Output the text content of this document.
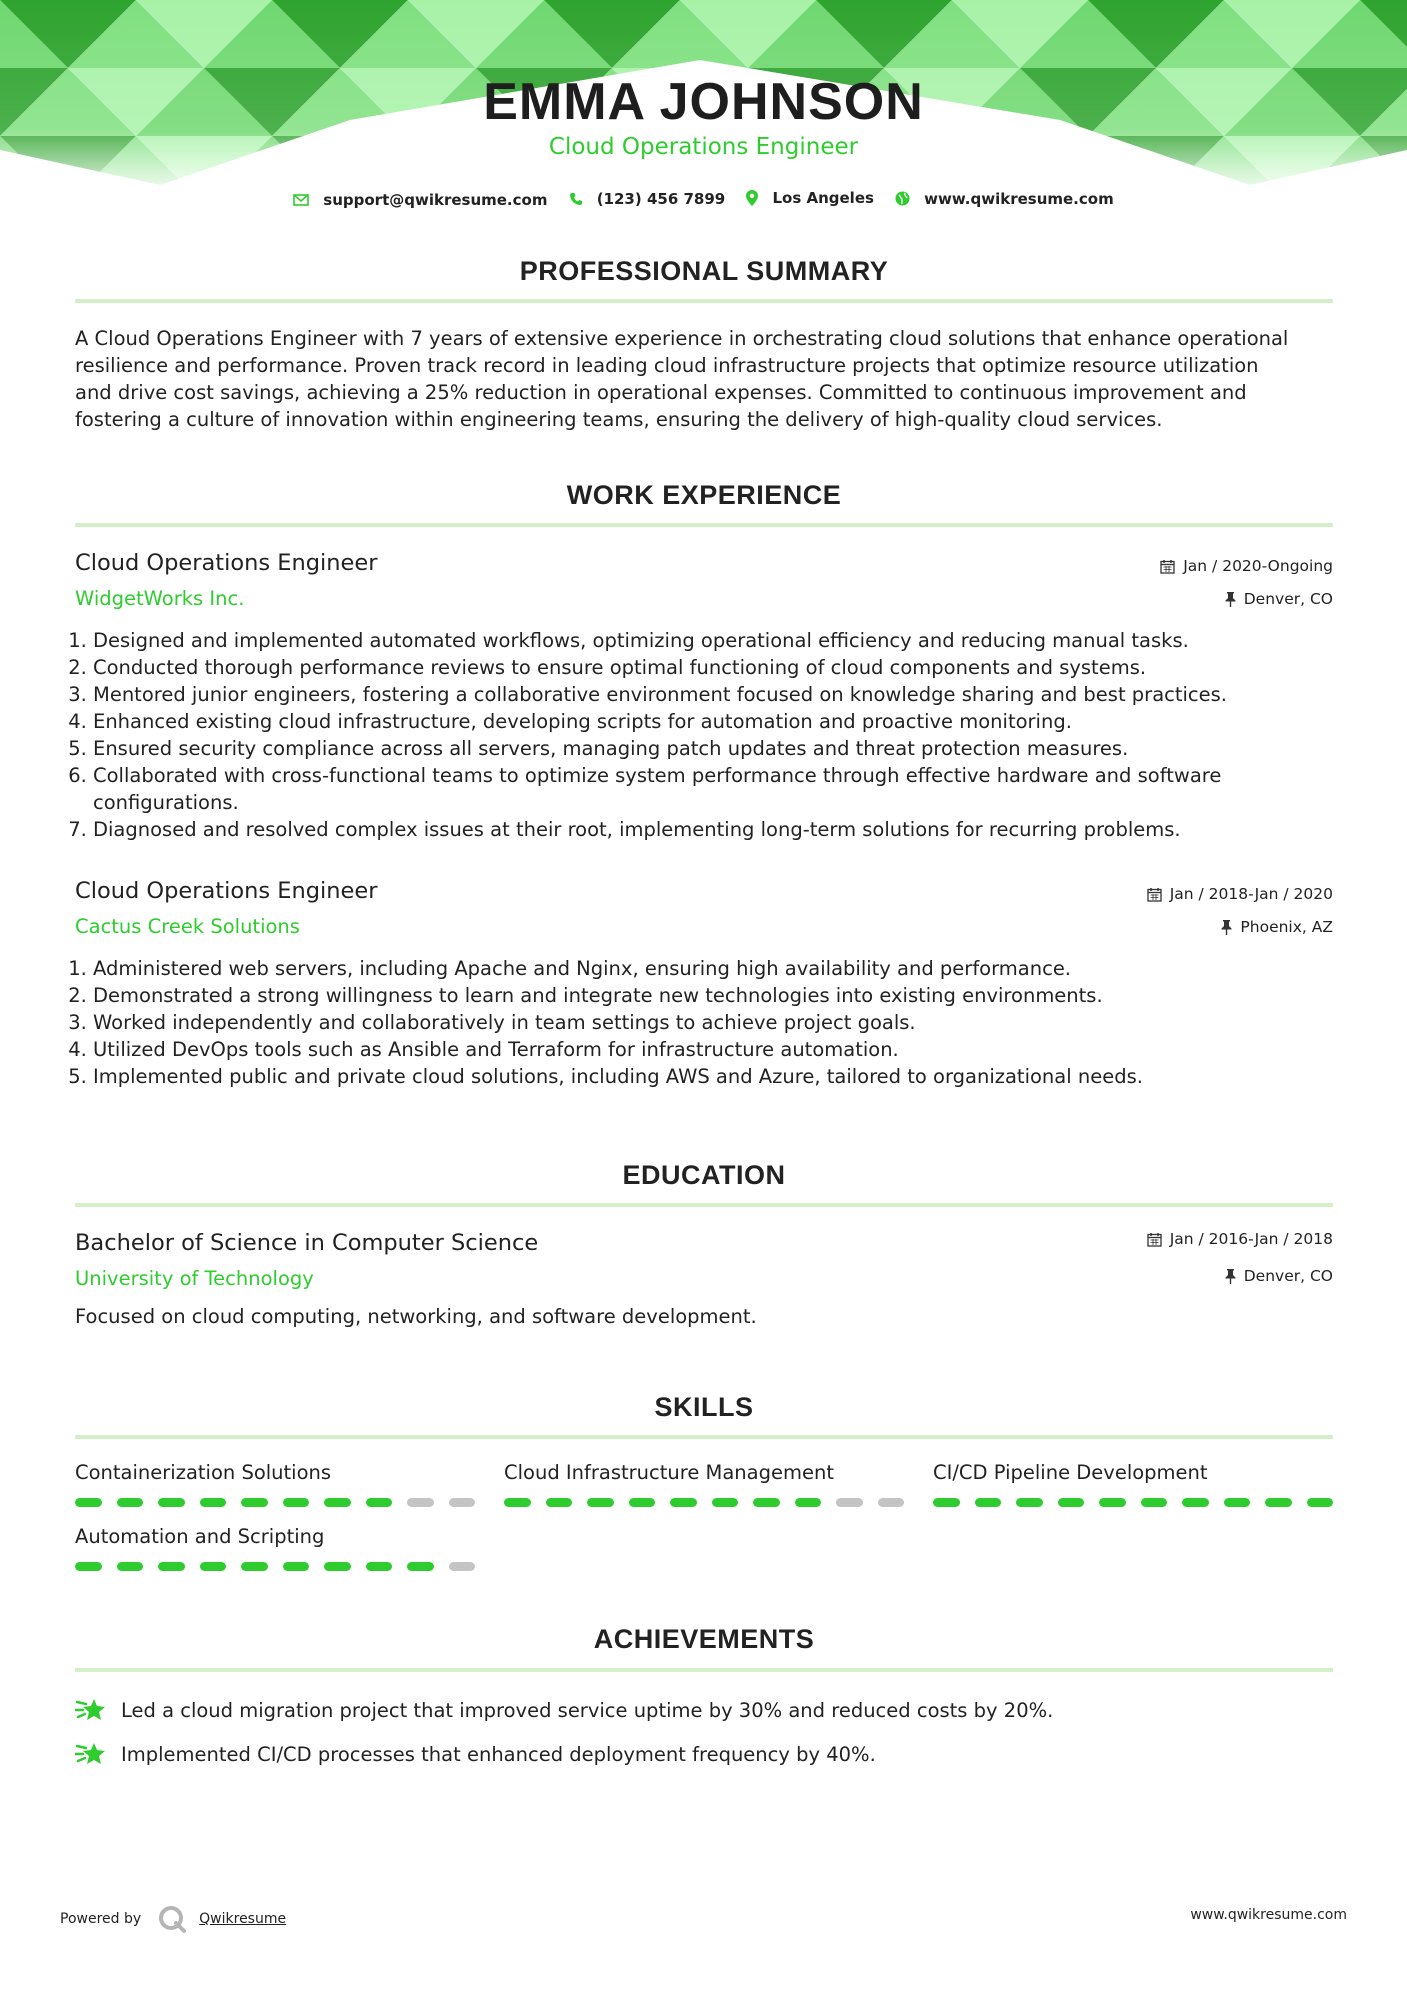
EMMA JOHNSON
Cloud Operations Engineer
support@qwikresume.com
	(123) 456 7899
	Los Angeles
	www.qwikresume.com
PROFESSIONAL SUMMARY
A Cloud Operations Engineer with 7 years of extensive experience in orchestrating cloud solutions that enhance operational
resilience and performance. Proven track record in leading cloud infrastructure projects that optimize resource utilization
and drive cost savings, achieving a 25% reduction in operational expenses. Committed to continuous improvement and
fostering a culture of innovation within engineering teams, ensuring the delivery of high-quality cloud services.
WORK EXPERIENCE
Cloud Operations Engineer
WidgetWorks Inc.
Jan / 2020-Ongoing
Denver, CO
1. Designed and implemented automated workflows, optimizing operational efficiency and reducing manual tasks.
2. Conducted thorough performance reviews to ensure optimal functioning of cloud components and systems.
3. Mentored junior engineers, fostering a collaborative environment focused on knowledge sharing and best practices.
4. Enhanced existing cloud infrastructure, developing scripts for automation and proactive monitoring.
5. Ensured security compliance across all servers, managing patch updates and threat protection measures.
6. Collaborated with cross-functional teams to optimize system performance through effective hardware and software configurations.
7. Diagnosed and resolved complex issues at their root, implementing long-term solutions for recurring problems.
Cloud Operations Engineer
Cactus Creek Solutions
Jan / 2018-Jan / 2020
Phoenix, AZ
1. Administered web servers, including Apache and Nginx, ensuring high availability and performance.
2. Demonstrated a strong willingness to learn and integrate new technologies into existing environments.
3. Worked independently and collaboratively in team settings to achieve project goals.
4. Utilized DevOps tools such as Ansible and Terraform for infrastructure automation.
5. Implemented public and private cloud solutions, including AWS and Azure, tailored to organizational needs.
EDUCATION
Bachelor of Science in Computer Science
University of Technology
Jan / 2016-Jan / 2018
Denver, CO
Focused on cloud computing, networking, and software development.
SKILLS
Containerization Solutions	Cloud Infrastructure Management	CI/CD Pipeline Development
Automation and Scripting
ACHIEVEMENTS
Led a cloud migration project that improved service uptime by 30% and reduced costs by 20%.
Implemented CI/CD processes that enhanced deployment frequency by 40%.
Powered by	Qwikresume	www.qwikresume.com
